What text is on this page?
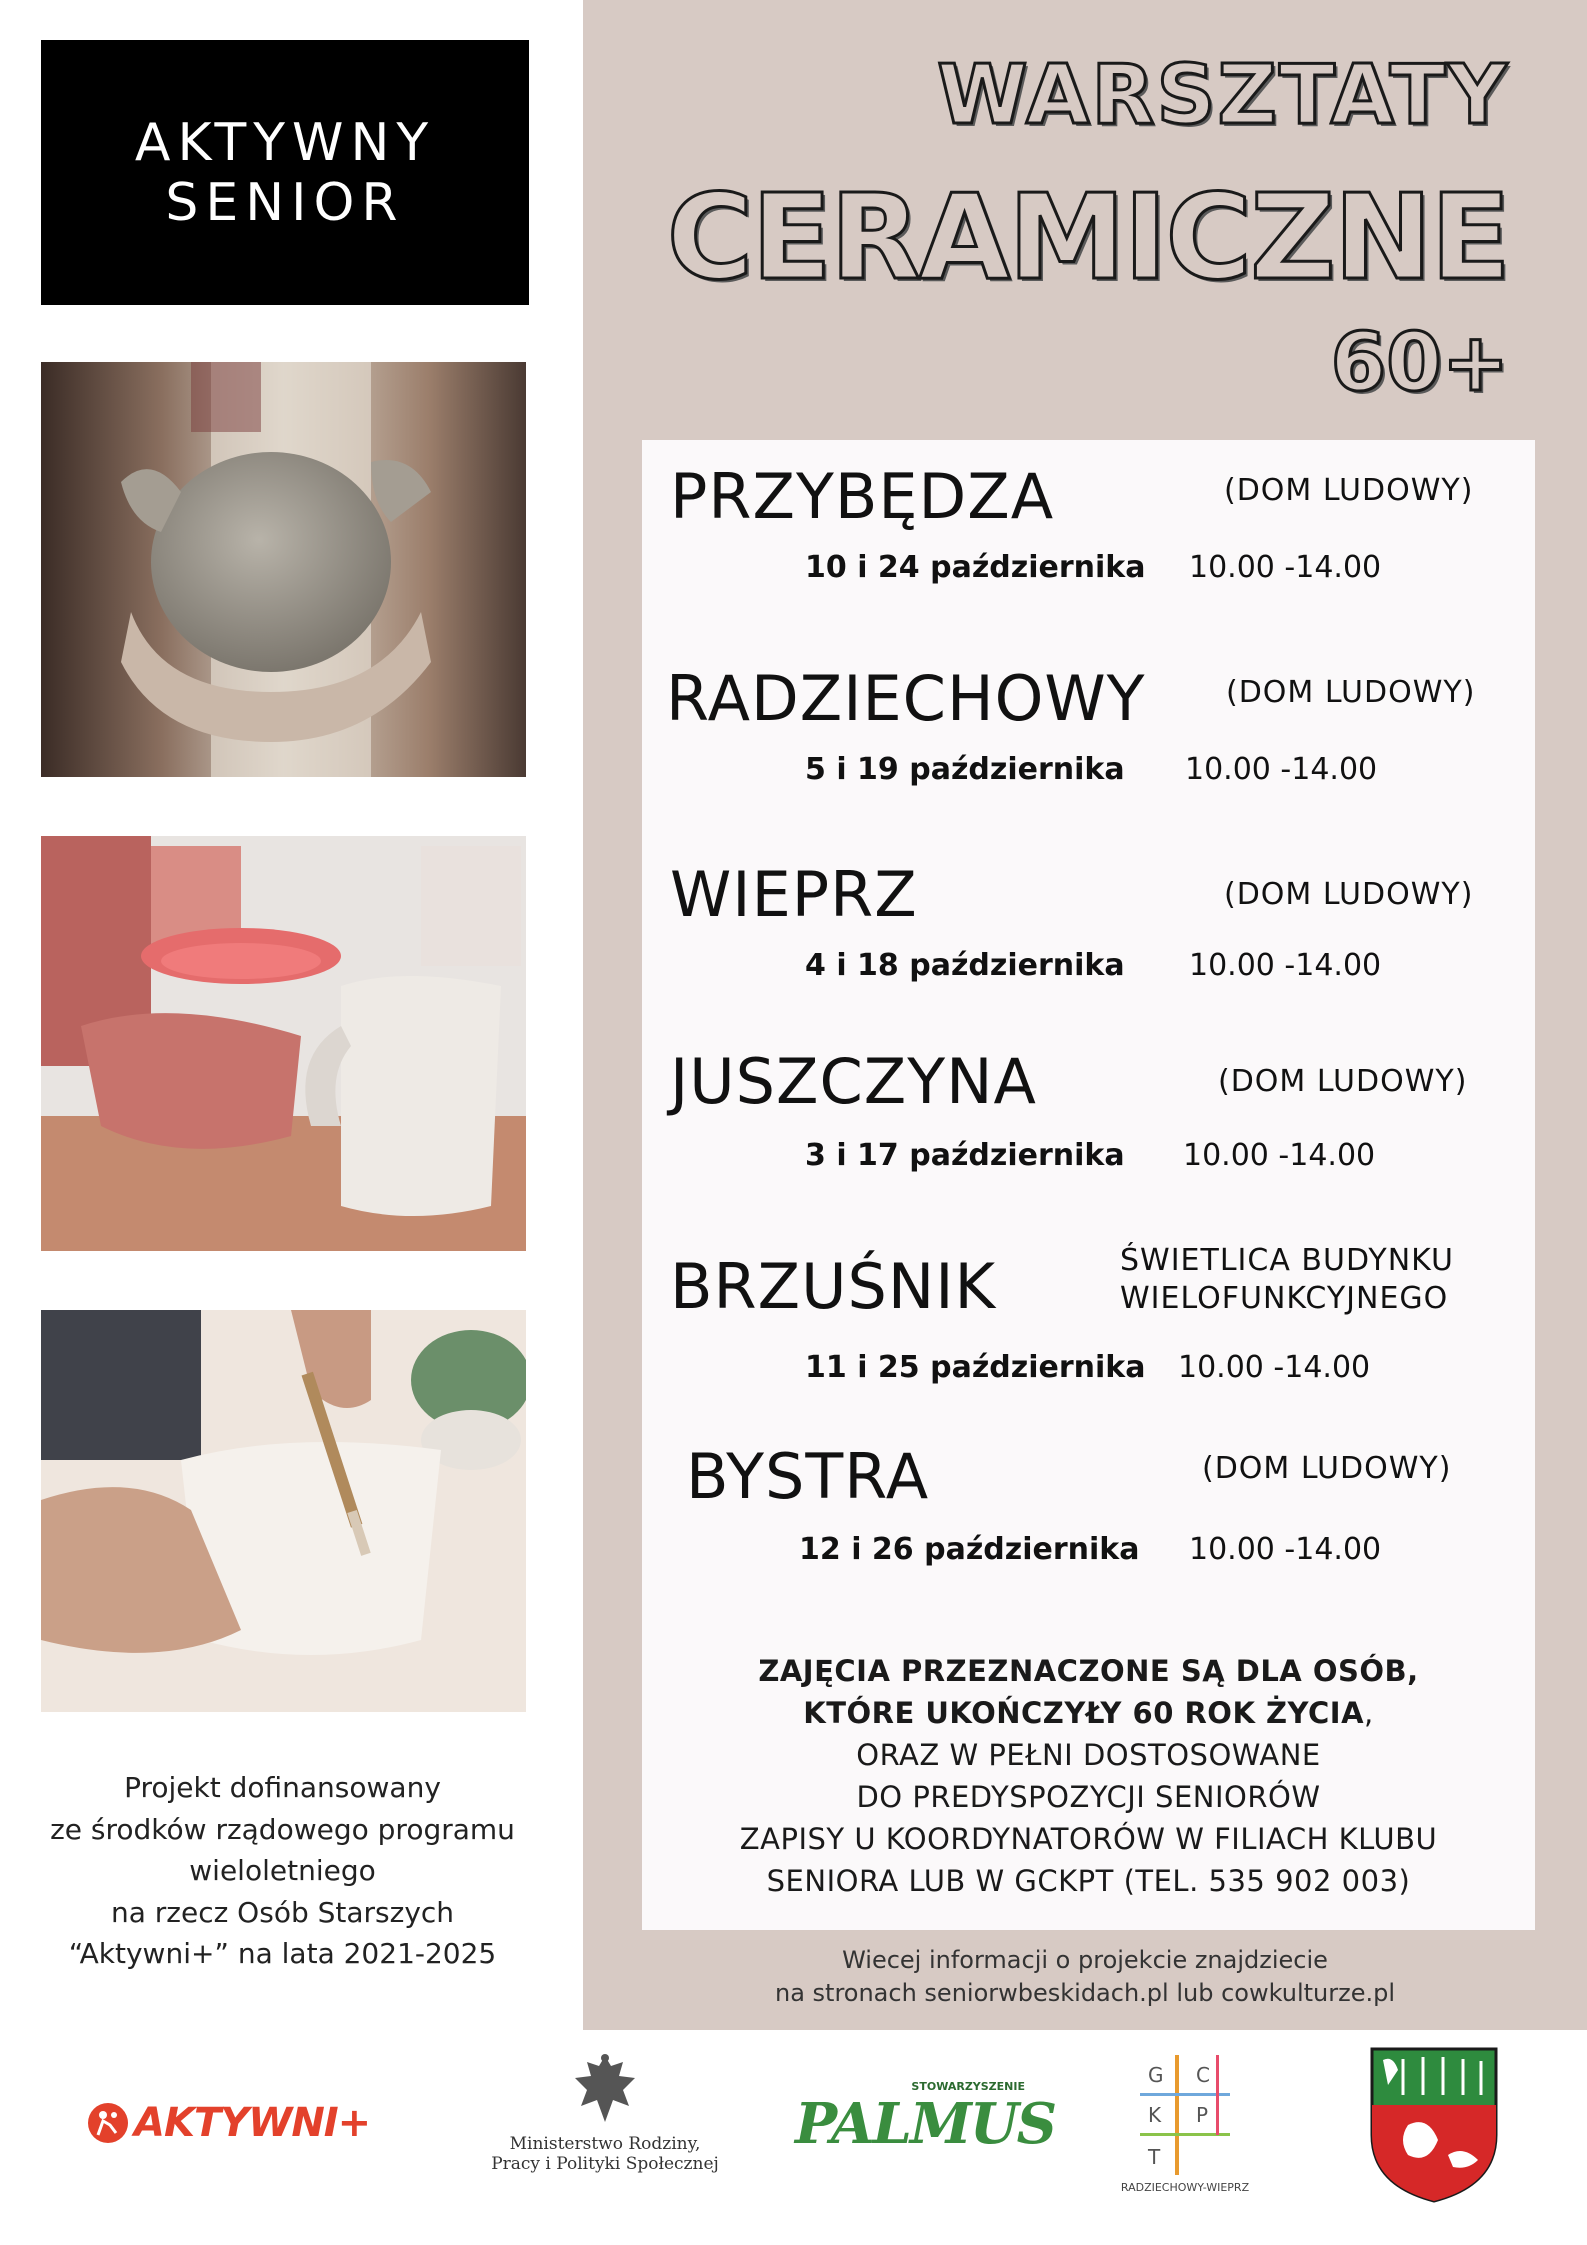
AKTYWNY
SENIOR
Projekt dofinansowany
ze środków rządowego programu
wieloletniego
na rzecz Osób Starszych
“Aktywni+” na lata 2021-2025
WARSZTATY
CERAMICZNE
60+
PRZYBĘDZA	(DOM LUDOWY)
10 i 24 października 10.00 -14.00
RADZIECHOWY	(DOM LUDOWY)
5 i 19 października 10.00 -14.00
WIEPRZ	(DOM LUDOWY)
4 i 18 października 10.00 -14.00
JUSZCZYNA	(DOM LUDOWY)
3 i 17 października 10.00 -14.00
BRZUŚNIK	ŚWIETLICA BUDYNKU
WIELOFUNKCYJNEGO
11 i 25 października 10.00 -14.00
BYSTRA	(DOM LUDOWY)
12 i 26 października 10.00 -14.00
ZAJĘCIA PRZEZNACZONE SĄ DLA OSÓB,
KTÓRE UKOŃCZYŁY 60 ROK ŻYCIA,
ORAZ W PEŁNI DOSTOSOWANE
DO PREDYSPOZYCJI SENIORÓW
ZAPISY U KOORDYNATORÓW W FILIACH KLUBU
SENIORA LUB W GCKPT (TEL. 535 902 003)
Wiecej informacji o projekcie znajdziecie
na stronach seniorwbeskidach.pl lub cowkulturze.pl
AKTYWNI+	Ministerstwo Rodziny,
Pracy i Polityki Społecznej
STOWARZYSZENIE
PALMUS
G C
K P
T
RADZIECHOWY-WIEPRZ
